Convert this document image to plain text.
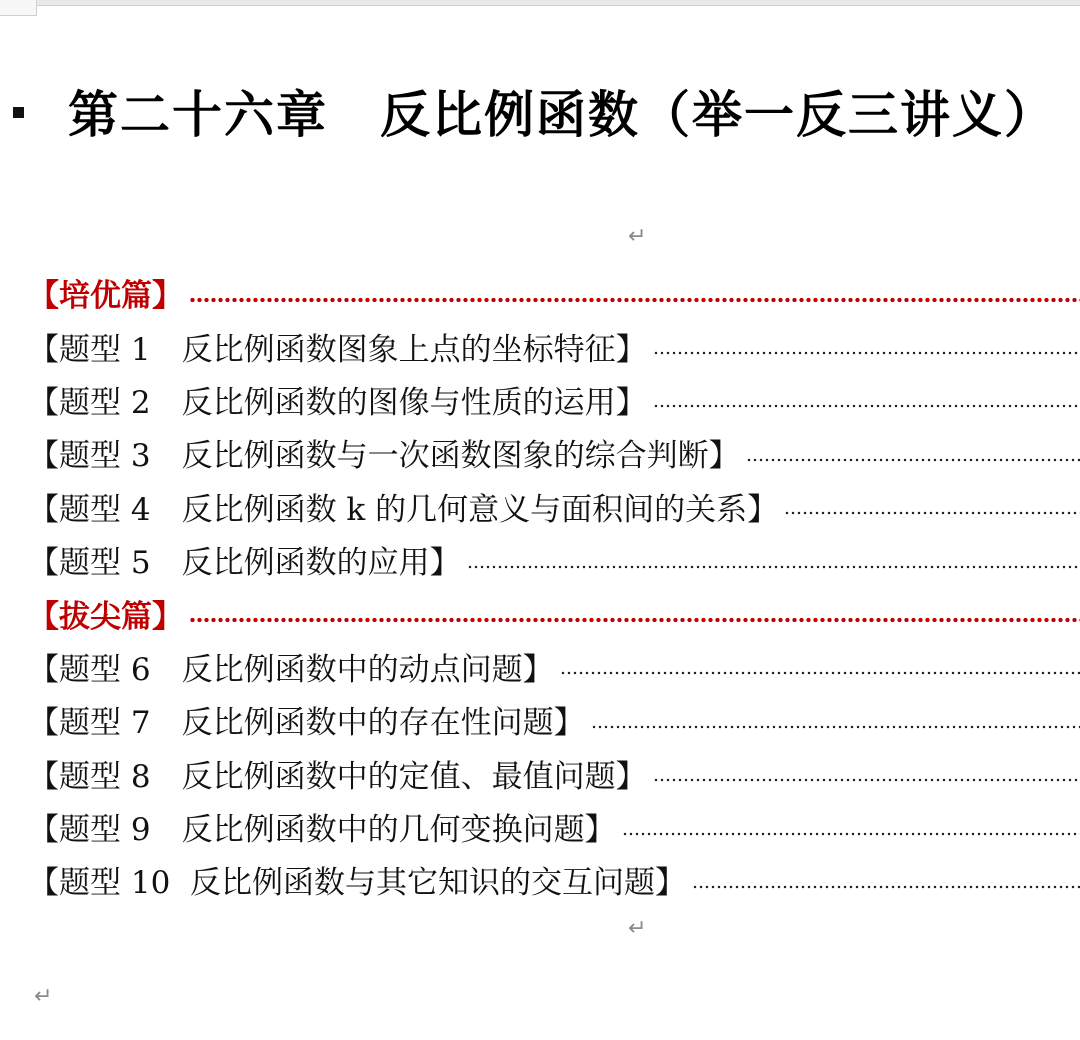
第二十六章　反比例函数（举一反三讲义）
↵
【培优篇】
【题型 1　反比例函数图象上点的坐标特征】
【题型 2　反比例函数的图像与性质的运用】
【题型 3　反比例函数与一次函数图象的综合判断】
【题型 4　反比例函数 k 的几何意义与面积间的关系】
【题型 5　反比例函数的应用】
【拔尖篇】
【题型 6　反比例函数中的动点问题】
【题型 7　反比例函数中的存在性问题】
【题型 8　反比例函数中的定值、最值问题】
【题型 9　反比例函数中的几何变换问题】
【题型 10  反比例函数与其它知识的交互问题】
↵
↵
